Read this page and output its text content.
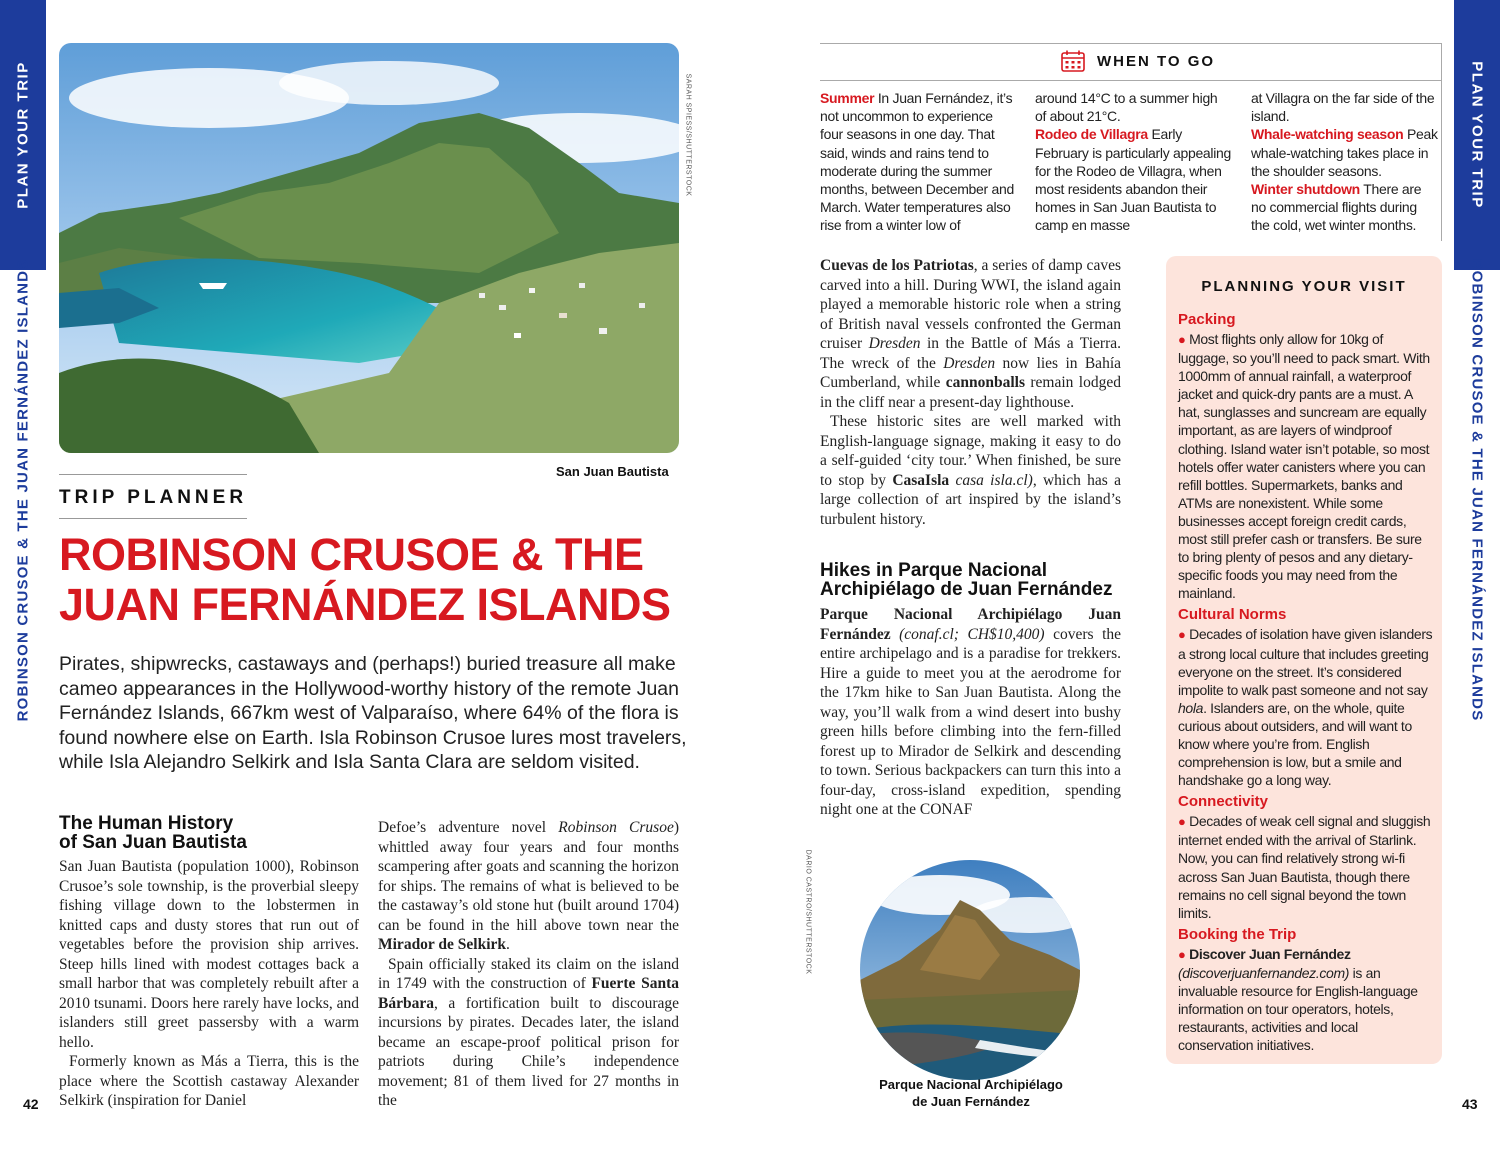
PLAN YOUR TRIP
ROBINSON CRUSOE & THE JUAN FERNÁNDEZ ISLANDS
PLAN YOUR TRIP
ROBINSON CRUSOE & THE JUAN FERNÁNDEZ ISLANDS
SARAH SPIESS/SHUTTERSTOCK
San Juan Bautista
TRIP PLANNER
ROBINSON CRUSOE & THE
JUAN FERNÁNDEZ ISLANDS
Pirates, shipwrecks, castaways and (perhaps!) buried treasure all make cameo appearances in the Hollywood-worthy history of the remote Juan Fernández Islands, 667km west of Valparaíso, where 64% of the flora is found nowhere else on Earth. Isla Robinson Crusoe lures most travelers, while Isla Alejandro Selkirk and Isla Santa Clara are seldom visited.
The Human History
of San Juan Bautista

San Juan Bautista (population 1000), Robinson Crusoe’s sole township, is the proverbial sleepy fishing village down to the lobstermen in knitted caps and dusty stores that run out of vegetables before the provision ship arrives. Steep hills lined with modest cottages back a small harbor that was completely rebuilt after a 2010 tsunami. Doors here rarely have locks, and islanders still greet passersby with a warm hello.

Formerly known as Más a Tierra, this is the place where the Scottish castaway Alexander Selkirk (inspiration for Daniel

Defoe’s adventure novel Robinson Crusoe) whittled away four years and four months scampering after goats and scanning the horizon for ships. The remains of what is believed to be the castaway’s old stone hut (built around 1704) can be found in the hill above town near the Mirador de Selkirk.

Spain officially staked its claim on the island in 1749 with the construction of Fuerte Santa Bárbara, a fortification built to discourage incursions by pirates. Decades later, the island became an escape-proof political prison for patriots during Chile’s independence movement; 81 of them lived for 27 months in the

42
WHEN TO GO

Summer In Juan Fernández, it’s not uncommon to experience four seasons in one day. That said, winds and rains tend to moderate during the summer months, between December and March. Water temperatures also rise from a winter low of

around 14°C to a summer high of about 21°C.

Rodeo de Villagra Early February is particularly appealing for the Rodeo de Villagra, when most residents abandon their homes in San Juan Bautista to camp en masse

at Villagra on the far side of the island.

Whale-watching season Peak whale-watching takes place in the shoulder seasons.

Winter shutdown There are no commercial flights during the cold, wet winter months.

Cuevas de los Patriotas, a series of damp caves carved into a hill. During WWI, the island again played a memorable historic role when a string of British naval vessels confronted the German cruiser Dresden in the Battle of Más a Tierra. The wreck of the Dresden now lies in Bahía Cumberland, while cannonballs remain lodged in the cliff near a present-day lighthouse.

These historic sites are well marked with English-language signage, making it easy to do a self-guided ‘city tour.’ When finished, be sure to stop by CasaIsla casa isla.cl), which has a large collection of art inspired by the island’s turbulent history.

Hikes in Parque Nacional
Archipiélago de Juan Fernández

Parque Nacional Archipiélago Juan Fernández (conaf.cl; CH$10,400) covers the entire archipelago and is a paradise for trekkers. Hire a guide to meet you at the aerodrome for the 17km hike to San Juan Bautista. Along the way, you’ll walk from a wind desert into bushy green hills before climbing into the fern-filled forest up to Mirador de Selkirk and descending to town. Serious backpackers can turn this into a four-day, cross-island expedition, spending night one at the CONAF

DARIO CASTRO/SHUTTERSTOCK
Parque Nacional Archipiélago
de Juan Fernández
PLANNING YOUR VISIT
Packing

● Most flights only allow for 10kg of luggage, so you’ll need to pack smart. With 1000mm of annual rainfall, a waterproof jacket and quick-dry pants are a must. A hat, sunglasses and suncream are equally important, as are layers of windproof clothing. Island water isn’t potable, so most hotels offer water canisters where you can refill bottles. Supermarkets, banks and ATMs are nonexistent. While some businesses accept foreign credit cards, most still prefer cash or transfers. Be sure to bring plenty of pesos and any dietary-specific foods you may need from the mainland.

Cultural Norms

● Decades of isolation have given islanders a strong local culture that includes greeting everyone on the street. It’s considered impolite to walk past someone and not say hola. Islanders are, on the whole, quite curious about outsiders, and will want to know where you’re from. English comprehension is low, but a smile and handshake go a long way.

Connectivity

● Decades of weak cell signal and sluggish internet ended with the arrival of Starlink. Now, you can find relatively strong wi-fi across San Juan Bautista, though there remains no cell signal beyond the town limits.

Booking the Trip

● Discover Juan Fernández (discoverjuanfernandez.com) is an invaluable resource for English-language information on tour operators, hotels, restaurants, activities and local conservation initiatives.

43
